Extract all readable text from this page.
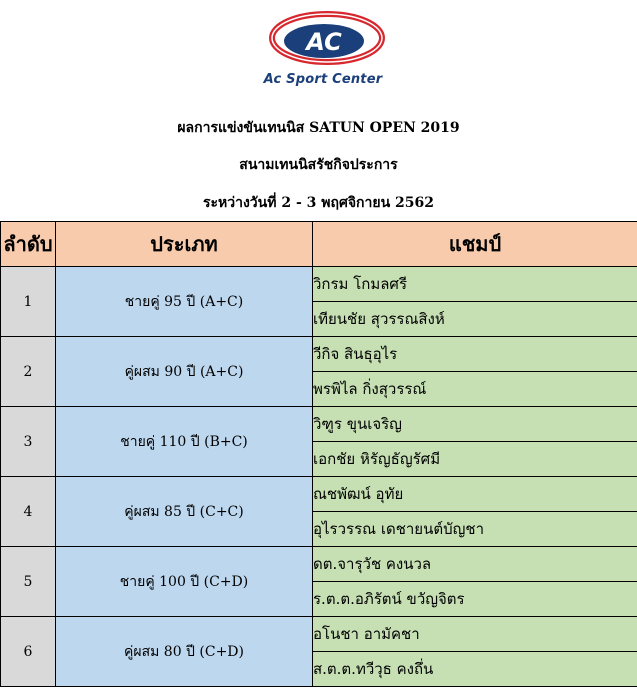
AC
Ac Sport Center
ผลการแข่งขันเทนนิส SATUN OPEN 2019
สนามเทนนิสรัชกิจประการ
ระหว่างวันที่ 2 - 3 พฤศจิกายน 2562
ลำดับ	ประเภท	แชมป์
1	ชายคู่ 95 ปี (A+C)	วิกรม โกมลศรี
		เทียนชัย สุวรรณสิงห์
2	คู่ผสม 90 ปี (A+C)	วีกิจ สินธุอุไร
		พรพิไล กิ่งสุวรรณ์
3	ชายคู่ 110 ปี (B+C)	วิฑูร ขุนเจริญ
		เอกชัย หิรัญธัญรัศมี
4	คู่ผสม 85 ปี (C+C)	ณชพัฒน์ อุทัย
		อุไรวรรณ เดชายนต์บัญชา
5	ชายคู่ 100 ปี (C+D)	ดต.จารุวัช คงนวล
		ร.ต.ต.อภิรัตน์ ขวัญจิตร
6	คู่ผสม 80 ปี (C+D)	อโนชา อามัคชา
		ส.ต.ต.ทวีวุธ คงถึ่น
